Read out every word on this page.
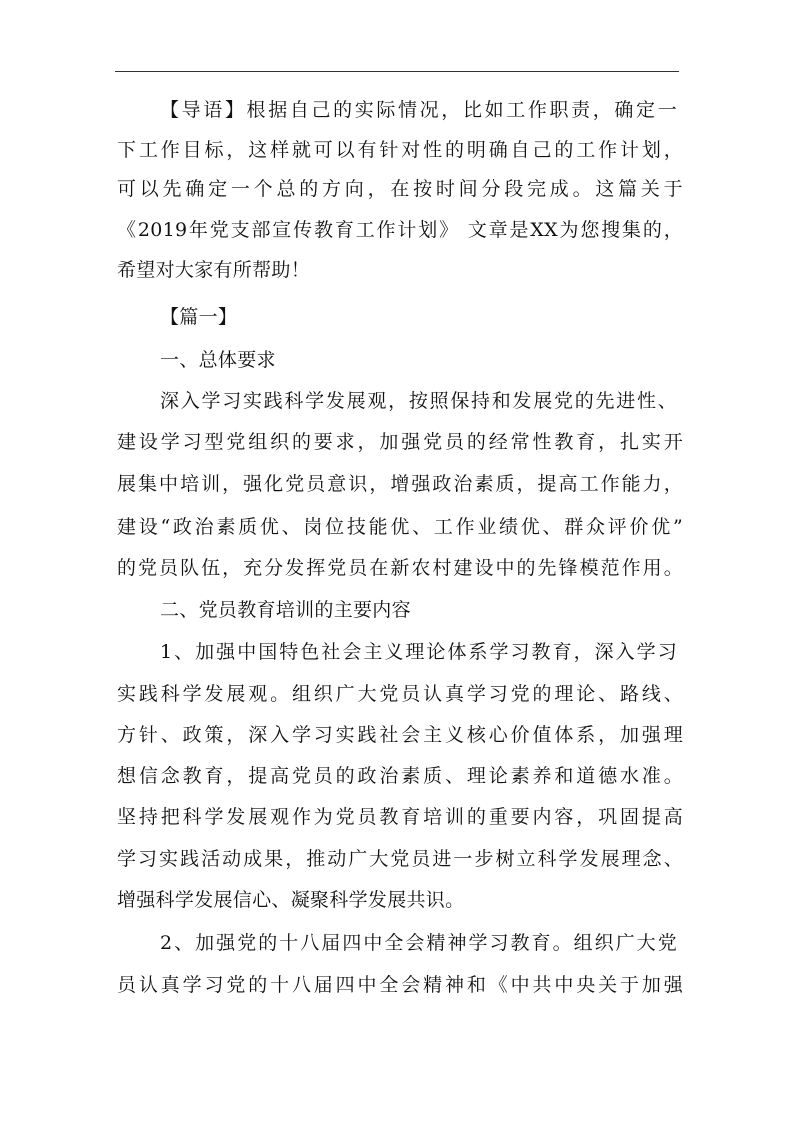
【导语】根据自己的实际情况，比如工作职责，确定一
下工作目标，这样就可以有针对性的明确自己的工作计划，
可以先确定一个总的方向，在按时间分段完成。这篇关于
《2019年党支部宣传教育工作计划》 文章是XX为您搜集的，
希望对大家有所帮助！
【篇一】
一、总体要求
深入学习实践科学发展观，按照保持和发展党的先进性、
建设学习型党组织的要求，加强党员的经常性教育，扎实开
展集中培训，强化党员意识，增强政治素质，提高工作能力，
建设“政治素质优、岗位技能优、工作业绩优、群众评价优”
的党员队伍，充分发挥党员在新农村建设中的先锋模范作用。
二、党员教育培训的主要内容
1、加强中国特色社会主义理论体系学习教育，深入学习
实践科学发展观。组织广大党员认真学习党的理论、路线、
方针、政策，深入学习实践社会主义核心价值体系，加强理
想信念教育，提高党员的政治素质、理论素养和道德水准。
坚持把科学发展观作为党员教育培训的重要内容，巩固提高
学习实践活动成果，推动广大党员进一步树立科学发展理念、
增强科学发展信心、凝聚科学发展共识。
2、加强党的十八届四中全会精神学习教育。组织广大党
员认真学习党的十八届四中全会精神和《中共中央关于加强
